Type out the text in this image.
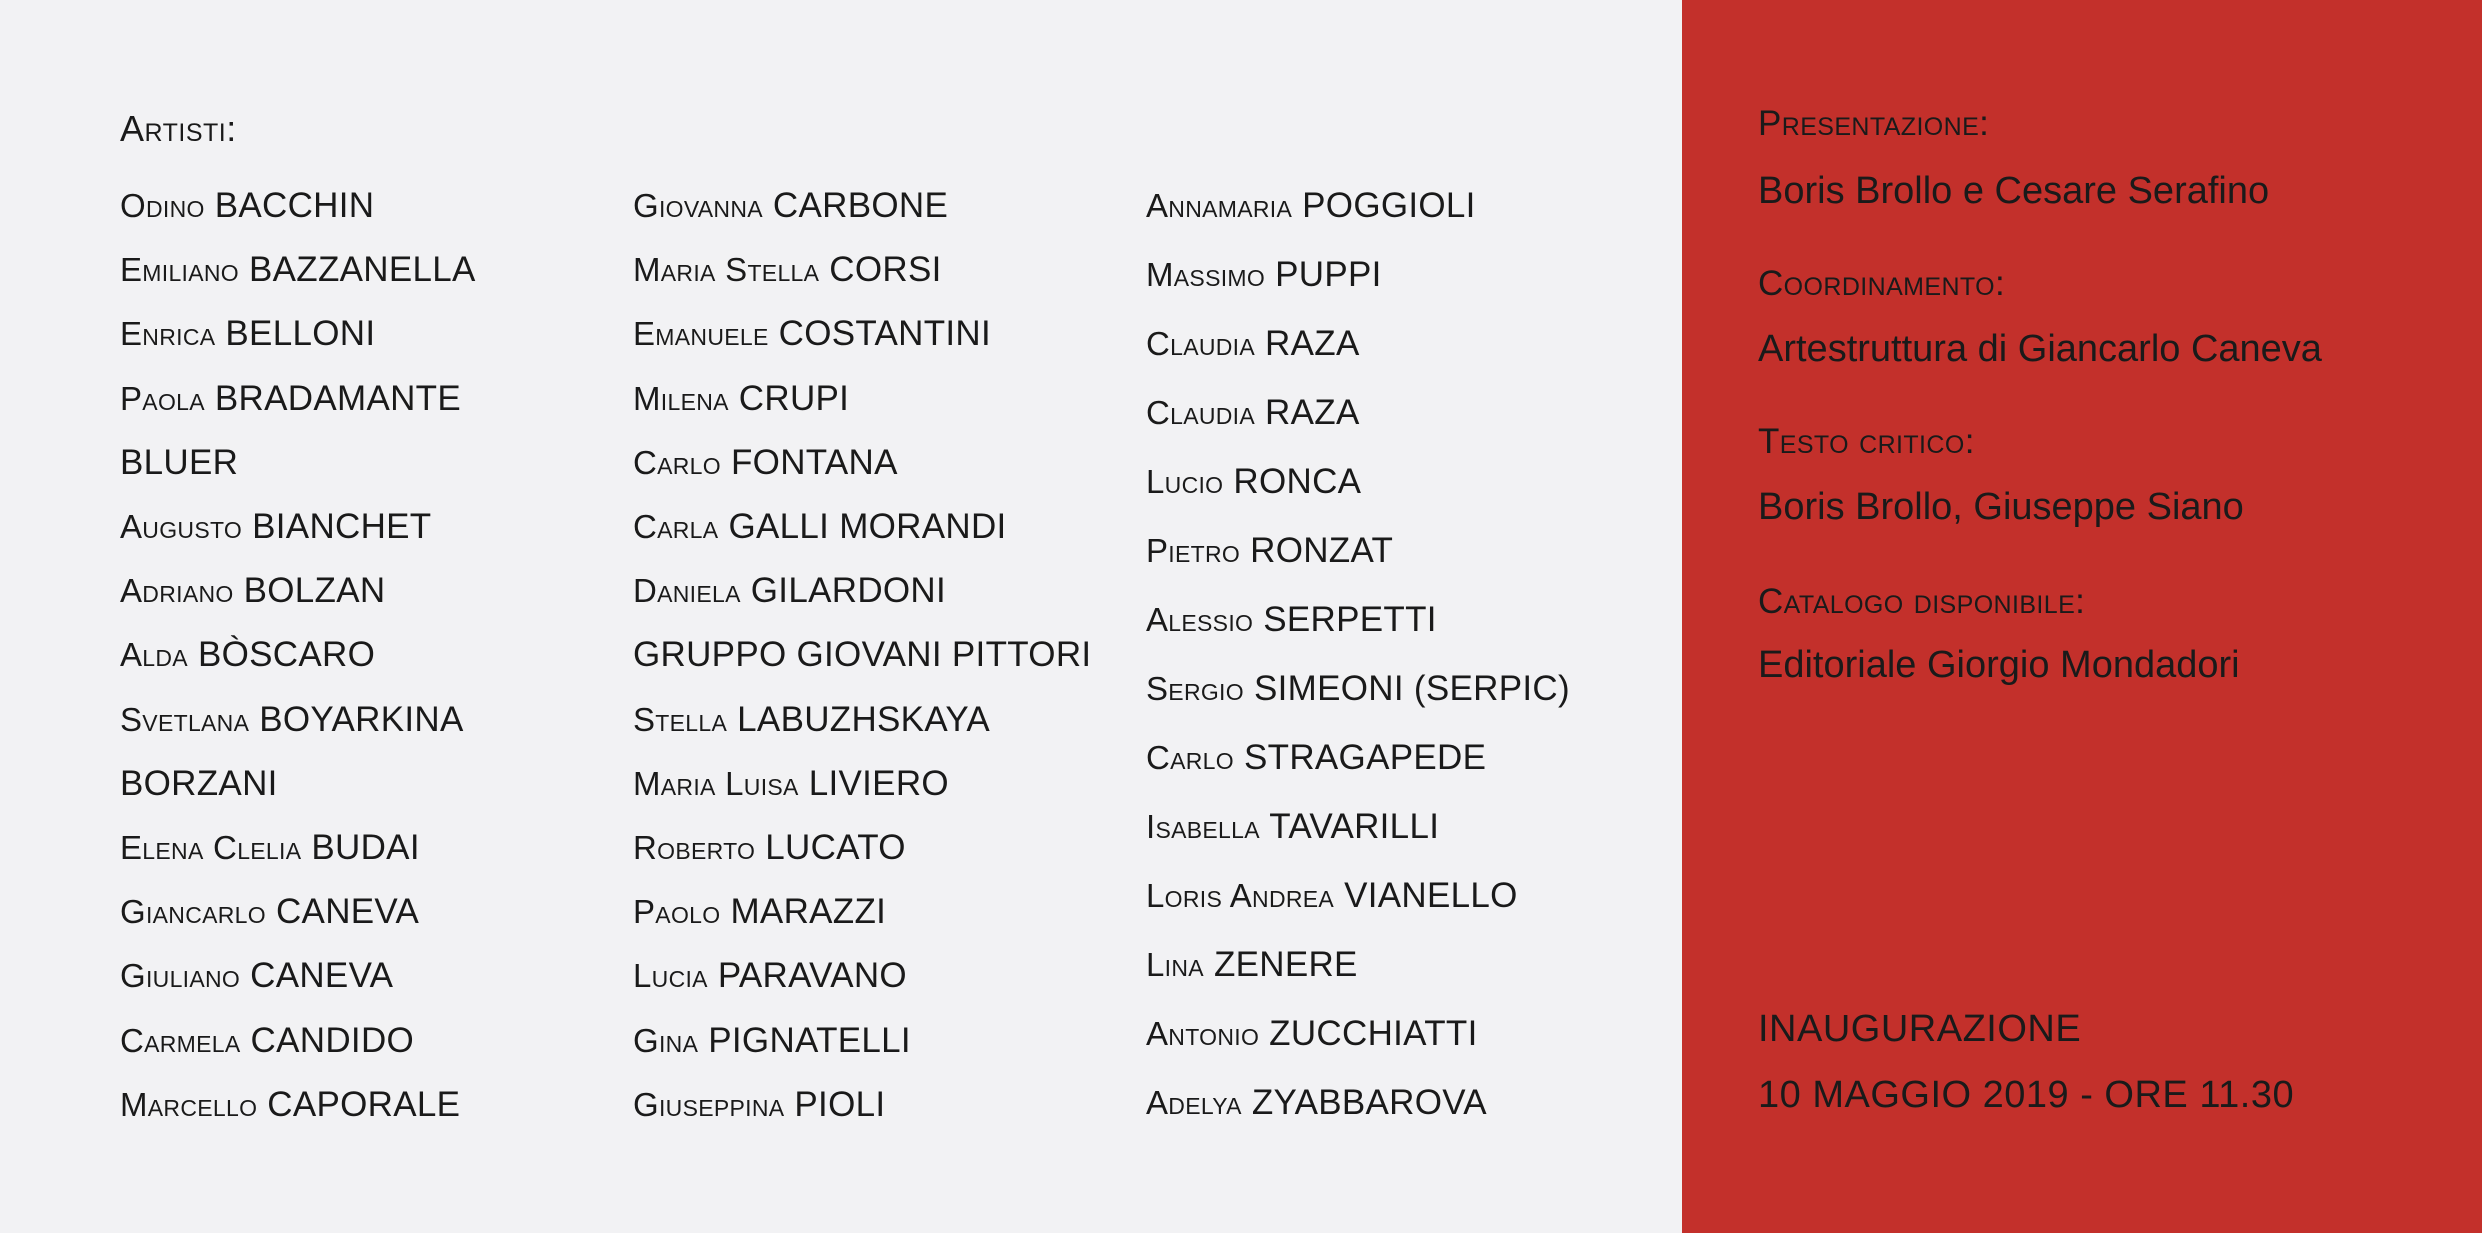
Artisti:
Odino BACCHIN
Emiliano BAZZANELLA
Enrica BELLONI
Paola BRADAMANTE
BLUER
Augusto BIANCHET
Adriano BOLZAN
Alda BÒSCARO
Svetlana BOYARKINA
BORZANI
Elena Clelia BUDAI
Giancarlo CANEVA
Giuliano CANEVA
Carmela CANDIDO
Marcello CAPORALE
Giovanna CARBONE
Maria Stella CORSI
Emanuele COSTANTINI
Milena CRUPI
Carlo FONTANA
Carla GALLI MORANDI
Daniela GILARDONI
GRUPPO GIOVANI PITTORI
Stella LABUZHSKAYA
Maria Luisa LIVIERO
Roberto LUCATO
Paolo MARAZZI
Lucia PARAVANO
Gina PIGNATELLI
Giuseppina PIOLI
Annamaria POGGIOLI
Massimo PUPPI
Claudia RAZA
Claudia RAZA
Lucio RONCA
Pietro RONZAT
Alessio SERPETTI
Sergio SIMEONI (SERPIC)
Carlo STRAGAPEDE
Isabella TAVARILLI
Loris Andrea VIANELLO
Lina ZENERE
Antonio ZUCCHIATTI
Adelya ZYABBAROVA
Presentazione:
Boris Brollo e Cesare Serafino
Coordinamento:
Artestruttura di Giancarlo Caneva
Testo critico:
Boris Brollo, Giuseppe Siano
Catalogo disponibile:
Editoriale Giorgio Mondadori
INAUGURAZIONE
10 MAGGIO 2019 - ORE 11.30
